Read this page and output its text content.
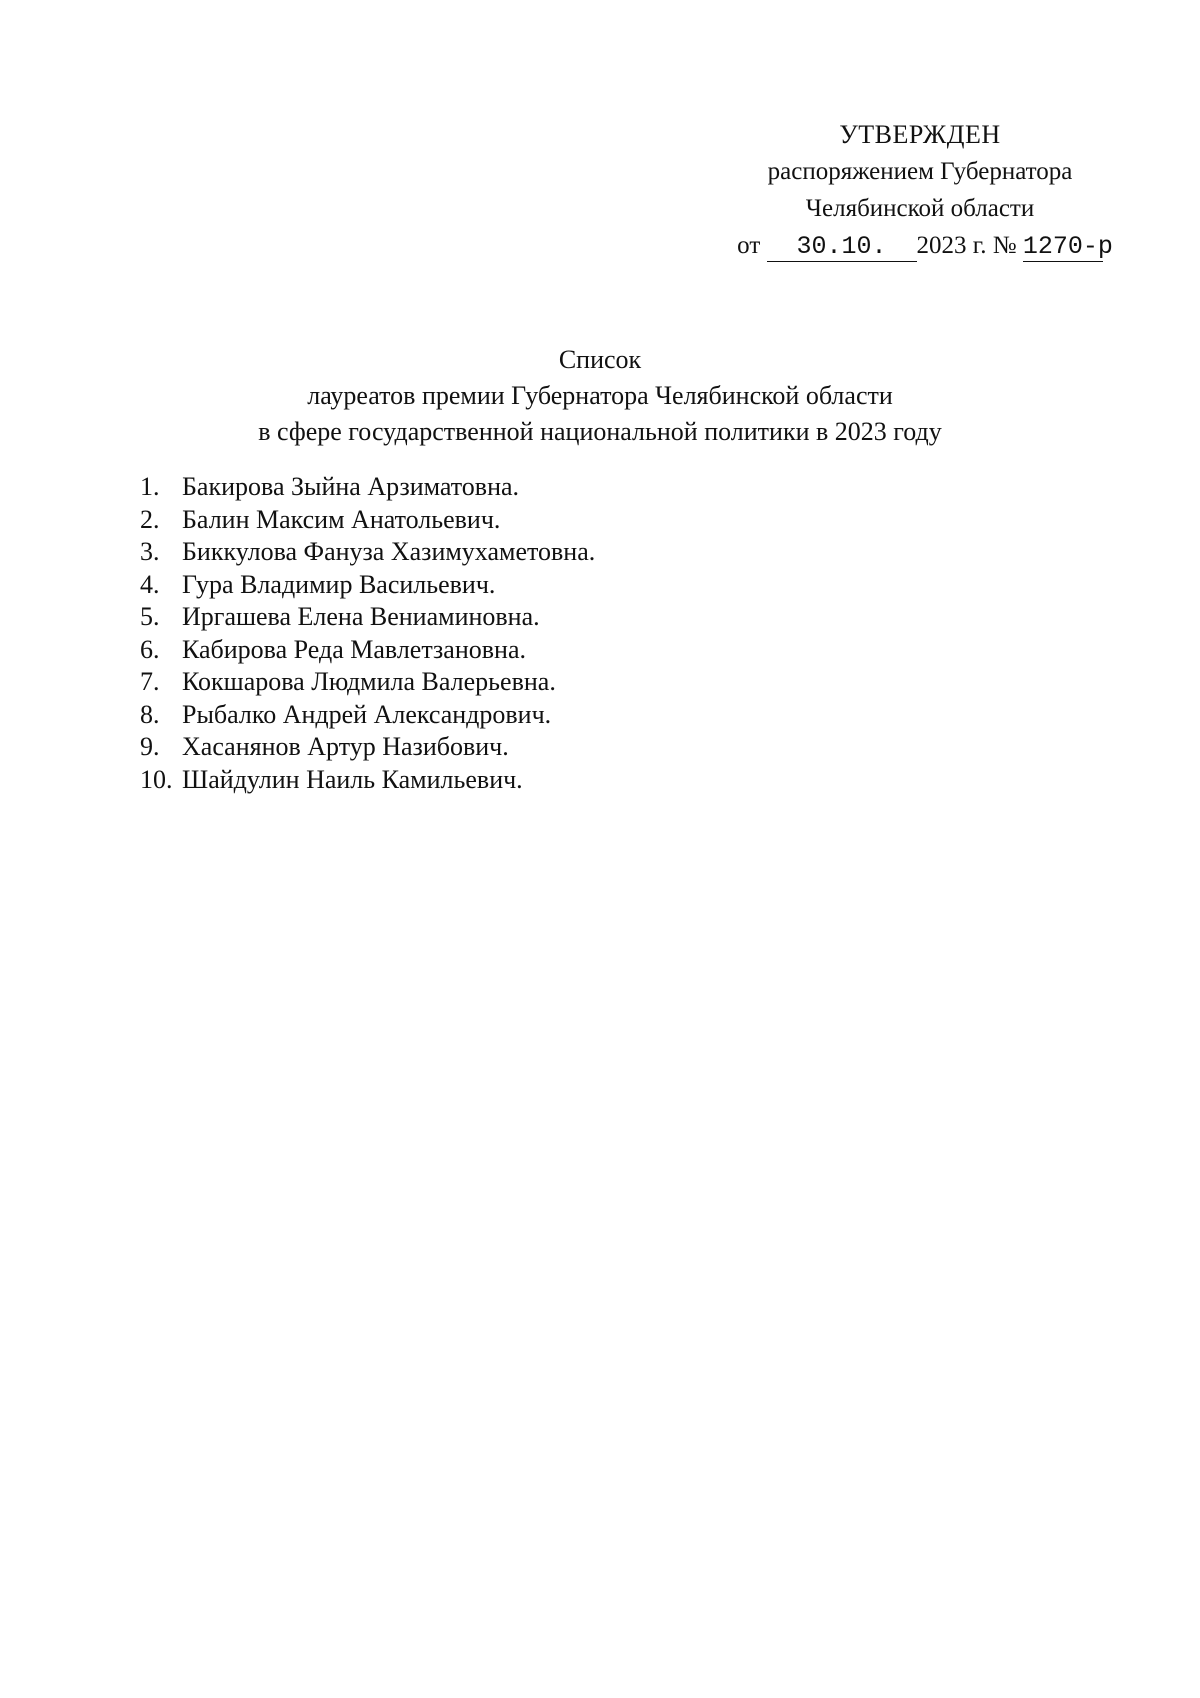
УТВЕРЖДЕН
распоряжением Губернатора
Челябинской области
от 30.10. 2023 г. № 1270-р
Список
лауреатов премии Губернатора Челябинской области
в сфере государственной национальной политики в 2023 году
1. Бакирова Зыйна Арзиматовна.
2. Балин Максим Анатольевич.
3. Биккулова Фануза Хазимухаметовна.
4. Гура Владимир Васильевич.
5. Иргашева Елена Вениаминовна.
6. Кабирова Реда Мавлетзановна.
7. Кокшарова Людмила Валерьевна.
8. Рыбалко Андрей Александрович.
9. Хасанянов Артур Назибович.
10. Шайдулин Наиль Камильевич.
